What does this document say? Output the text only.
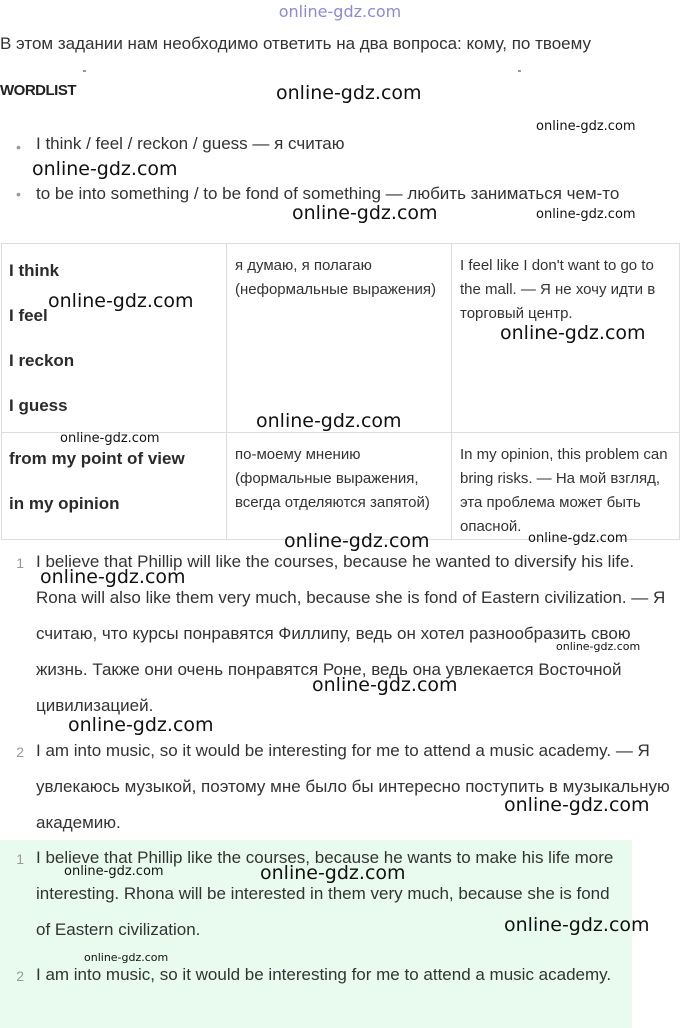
online-gdz.com
В этом задании нам необходимо ответить на два вопроса: кому, по твоему
WORDLIST
• I think / feel / reckon / guess — я считаю
• to be into something / to be fond of something — любить заниматься чем-то
I think
I feel
I reckon
I guess	я думаю, я полагаю (неформальные выражения)	I feel like I don't want to go to the mall. — Я не хочу идти в торговый центр.

from my point of view
in my opinion	по-моему мнению (формальные выражения, всегда отделяются запятой)	In my opinion, this problem can bring risks. — На мой взгляд, эта проблема может быть опасной.
1 I believe that Phillip will like the courses, because he wanted to diversify his life. Rona will also like them very much, because she is fond of Eastern civilization. — Я считаю, что курсы понравятся Филлипу, ведь он хотел разнообразить свою жизнь. Также они очень понравятся Роне, ведь она увлекается Восточной цивилизацией.
2 I am into music, so it would be interesting for me to attend a music academy. — Я увлекаюсь музыкой, поэтому мне было бы интересно поступить в музыкальную академию.
1 I believe that Phillip like the courses, because he wants to make his life more interesting. Rhona will be interested in them very much, because she is fond of Eastern civilization.
2 I am into music, so it would be interesting for me to attend a music academy.
online-gdz.com
online-gdz.com
online-gdz.com
online-gdz.com	online-gdz.com
online-gdz.com
online-gdz.com
online-gdz.com
online-gdz.com
online-gdz.com	online-gdz.com
online-gdz.com
online-gdz.com
online-gdz.com
online-gdz.com
online-gdz.com
online-gdz.com	online-gdz.com
online-gdz.com
online-gdz.com
